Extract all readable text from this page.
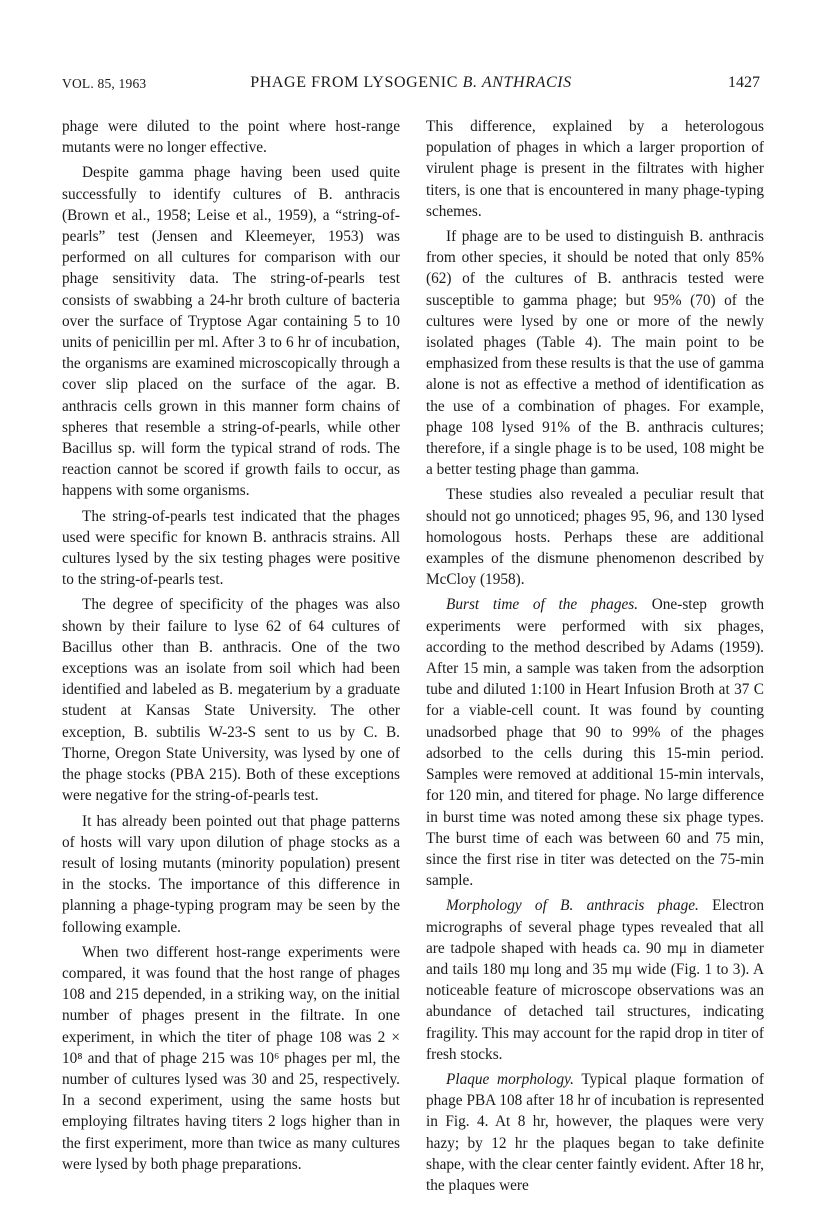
VOL. 85, 1963	PHAGE FROM LYSOGENIC B. ANTHRACIS	1427

phage were diluted to the point where host-range mutants were no longer effective.

Despite gamma phage having been used quite successfully to identify cultures of B. anthracis (Brown et al., 1958; Leise et al., 1959), a “string-of-pearls” test (Jensen and Kleemeyer, 1953) was performed on all cultures for comparison with our phage sensitivity data. The string-of-pearls test consists of swabbing a 24-hr broth culture of bacteria over the surface of Tryptose Agar containing 5 to 10 units of penicillin per ml. After 3 to 6 hr of incubation, the organisms are examined microscopically through a cover slip placed on the surface of the agar. B. anthracis cells grown in this manner form chains of spheres that resemble a string-of-pearls, while other Bacillus sp. will form the typical strand of rods. The reaction cannot be scored if growth fails to occur, as happens with some organisms.

The string-of-pearls test indicated that the phages used were specific for known B. anthracis strains. All cultures lysed by the six testing phages were positive to the string-of-pearls test.

The degree of specificity of the phages was also shown by their failure to lyse 62 of 64 cultures of Bacillus other than B. anthracis. One of the two exceptions was an isolate from soil which had been identified and labeled as B. megaterium by a graduate student at Kansas State University. The other exception, B. subtilis W-23-S sent to us by C. B. Thorne, Oregon State University, was lysed by one of the phage stocks (PBA 215). Both of these exceptions were negative for the string-of-pearls test.

It has already been pointed out that phage patterns of hosts will vary upon dilution of phage stocks as a result of losing mutants (minority population) present in the stocks. The importance of this difference in planning a phage-typing program may be seen by the following example.

When two different host-range experiments were compared, it was found that the host range of phages 108 and 215 depended, in a striking way, on the initial number of phages present in the filtrate. In one experiment, in which the titer of phage 108 was 2 × 10⁸ and that of phage 215 was 10⁶ phages per ml, the number of cultures lysed was 30 and 25, respectively. In a second experiment, using the same hosts but employing filtrates having titers 2 logs higher than in the first experiment, more than twice as many cultures were lysed by both phage preparations.

This difference, explained by a heterologous population of phages in which a larger proportion of virulent phage is present in the filtrates with higher titers, is one that is encountered in many phage-typing schemes.

If phage are to be used to distinguish B. anthracis from other species, it should be noted that only 85% (62) of the cultures of B. anthracis tested were susceptible to gamma phage; but 95% (70) of the cultures were lysed by one or more of the newly isolated phages (Table 4). The main point to be emphasized from these results is that the use of gamma alone is not as effective a method of identification as the use of a combination of phages. For example, phage 108 lysed 91% of the B. anthracis cultures; therefore, if a single phage is to be used, 108 might be a better testing phage than gamma.

These studies also revealed a peculiar result that should not go unnoticed; phages 95, 96, and 130 lysed homologous hosts. Perhaps these are additional examples of the dismune phenomenon described by McCloy (1958).

Burst time of the phages. One-step growth experiments were performed with six phages, according to the method described by Adams (1959). After 15 min, a sample was taken from the adsorption tube and diluted 1:100 in Heart Infusion Broth at 37 C for a viable-cell count. It was found by counting unadsorbed phage that 90 to 99% of the phages adsorbed to the cells during this 15-min period. Samples were removed at additional 15-min intervals, for 120 min, and titered for phage. No large difference in burst time was noted among these six phage types. The burst time of each was between 60 and 75 min, since the first rise in titer was detected on the 75-min sample.

Morphology of B. anthracis phage. Electron micrographs of several phage types revealed that all are tadpole shaped with heads ca. 90 mμ in diameter and tails 180 mμ long and 35 mμ wide (Fig. 1 to 3). A noticeable feature of microscope observations was an abundance of detached tail structures, indicating fragility. This may account for the rapid drop in titer of fresh stocks.

Plaque morphology. Typical plaque formation of phage PBA 108 after 18 hr of incubation is represented in Fig. 4. At 8 hr, however, the plaques were very hazy; by 12 hr the plaques began to take definite shape, with the clear center faintly evident. After 18 hr, the plaques were
